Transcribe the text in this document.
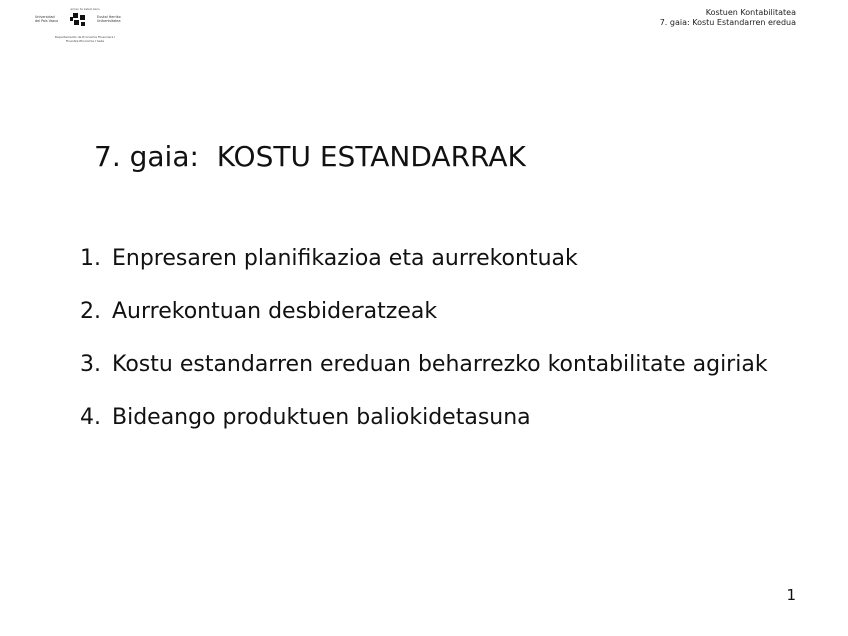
eman ta zabal zazu
Universidad
del País Vasco
Euskal Herriko
Unibertsitatea
Departamento de Economía Financiera I
Finantza Ekonomia I Saila
Kostuen Kontabilitatea
7. gaia: Kostu Estandarren eredua
7. gaia:  KOSTU ESTANDARRAK
1. Enpresaren planifikazioa eta aurrekontuak
2. Aurrekontuan desbideratzeak
3. Kostu estandarren ereduan beharrezko kontabilitate agiriak
4. Bideango produktuen baliokidetasuna
1
